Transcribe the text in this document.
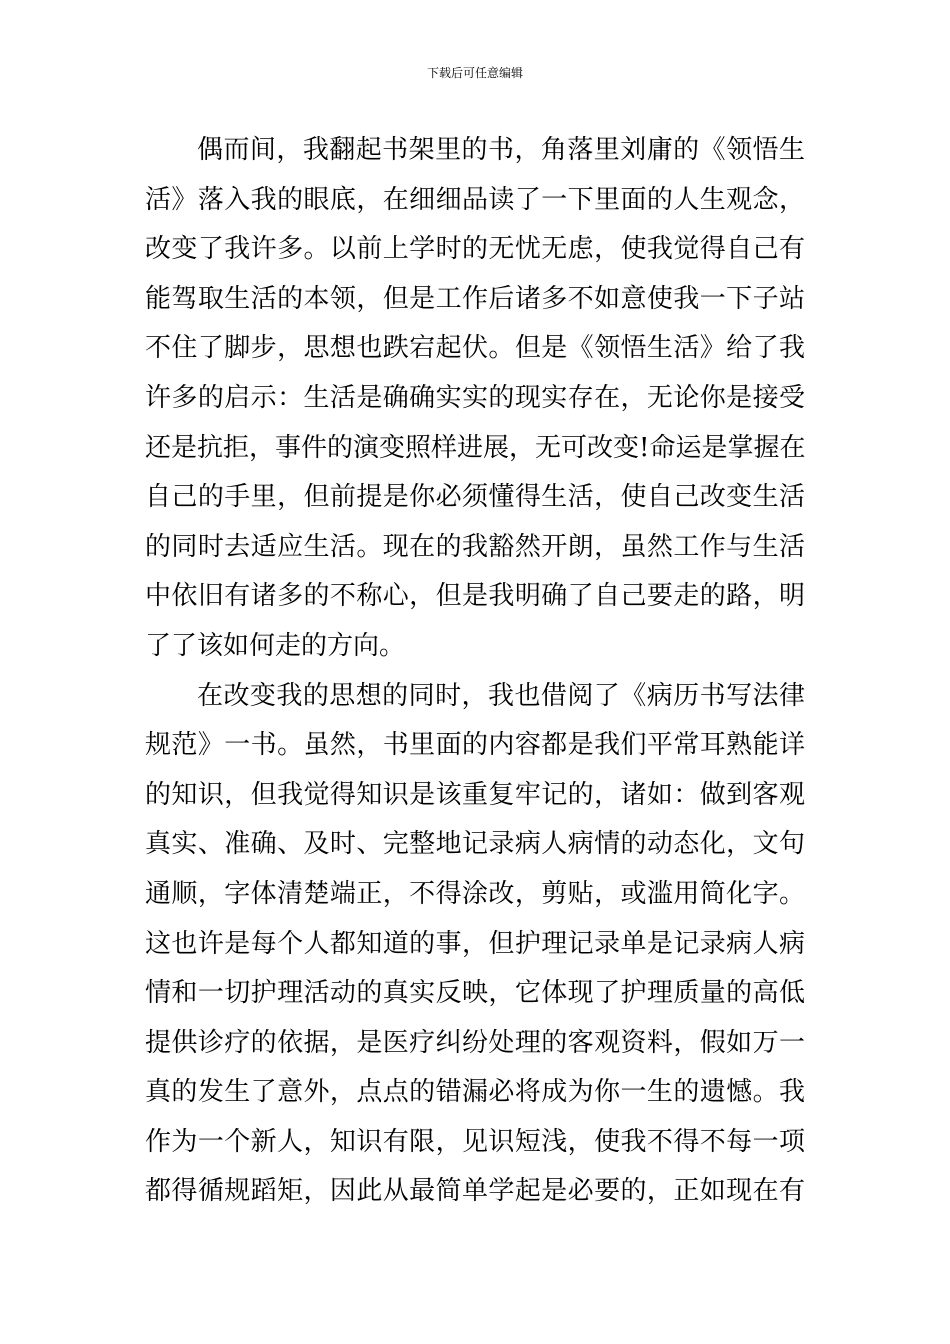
下载后可任意编辑
偶而间，我翻起书架里的书，角落里刘庸的《领悟生
活》落入我的眼底，在细细品读了一下里面的人生观念，
改变了我许多。以前上学时的无忧无虑，使我觉得自己有
能驾取生活的本领，但是工作后诸多不如意使我一下子站
不住了脚步，思想也跌宕起伏。但是《领悟生活》给了我
许多的启示：生活是确确实实的现实存在，无论你是接受
还是抗拒，事件的演变照样进展，无可改变!命运是掌握在
自己的手里，但前提是你必须懂得生活，使自己改变生活
的同时去适应生活。现在的我豁然开朗，虽然工作与生活
中依旧有诸多的不称心，但是我明确了自己要走的路，明
了了该如何走的方向。
在改变我的思想的同时，我也借阅了《病历书写法律
规范》一书。虽然，书里面的内容都是我们平常耳熟能详
的知识，但我觉得知识是该重复牢记的，诸如：做到客观
真实、准确、及时、完整地记录病人病情的动态化，文句
通顺，字体清楚端正，不得涂改，剪贴，或滥用简化字。
这也许是每个人都知道的事，但护理记录单是记录病人病
情和一切护理活动的真实反映，它体现了护理质量的高低
提供诊疗的依据，是医疗纠纷处理的客观资料，假如万一
真的发生了意外，点点的错漏必将成为你一生的遗憾。我
作为一个新人，知识有限，见识短浅，使我不得不每一项
都得循规蹈矩，因此从最简单学起是必要的，正如现在有
